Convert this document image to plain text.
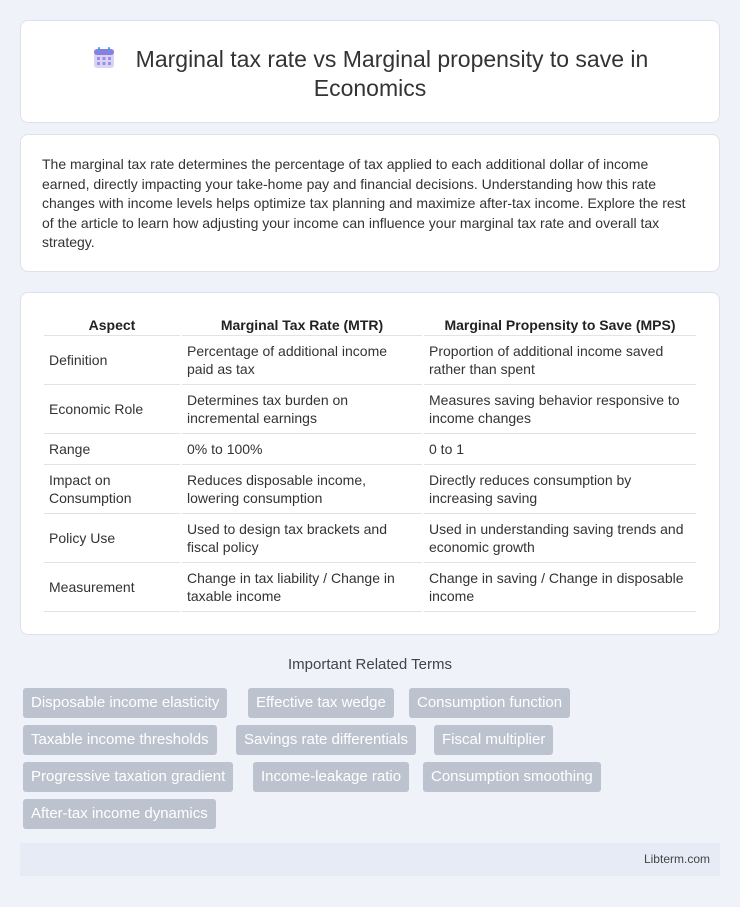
Marginal tax rate vs Marginal propensity to save in Economics

The marginal tax rate determines the percentage of tax applied to each additional dollar of income earned, directly impacting your take-home pay and financial decisions. Understanding how this rate changes with income levels helps optimize tax planning and maximize after-tax income. Explore the rest of the article to learn how adjusting your income can influence your marginal tax rate and overall tax strategy.

Aspect	Marginal Tax Rate (MTR)	Marginal Propensity to Save (MPS)
Definition	Percentage of additional income paid as tax	Proportion of additional income saved rather than spent
Economic Role	Determines tax burden on incremental earnings	Measures saving behavior responsive to income changes
Range	0% to 100%	0 to 1
Impact on Consumption	Reduces disposable income, lowering consumption	Directly reduces consumption by increasing saving
Policy Use	Used to design tax brackets and fiscal policy	Used in understanding saving trends and economic growth
Measurement	Change in tax liability / Change in taxable income	Change in saving / Change in disposable income
Important Related Terms
Disposable income elasticity	Effective tax wedge	Consumption function
Taxable income thresholds	Savings rate differentials	Fiscal multiplier
Progressive taxation gradient	Income-leakage ratio	Consumption smoothing
After-tax income dynamics
Libterm.com
